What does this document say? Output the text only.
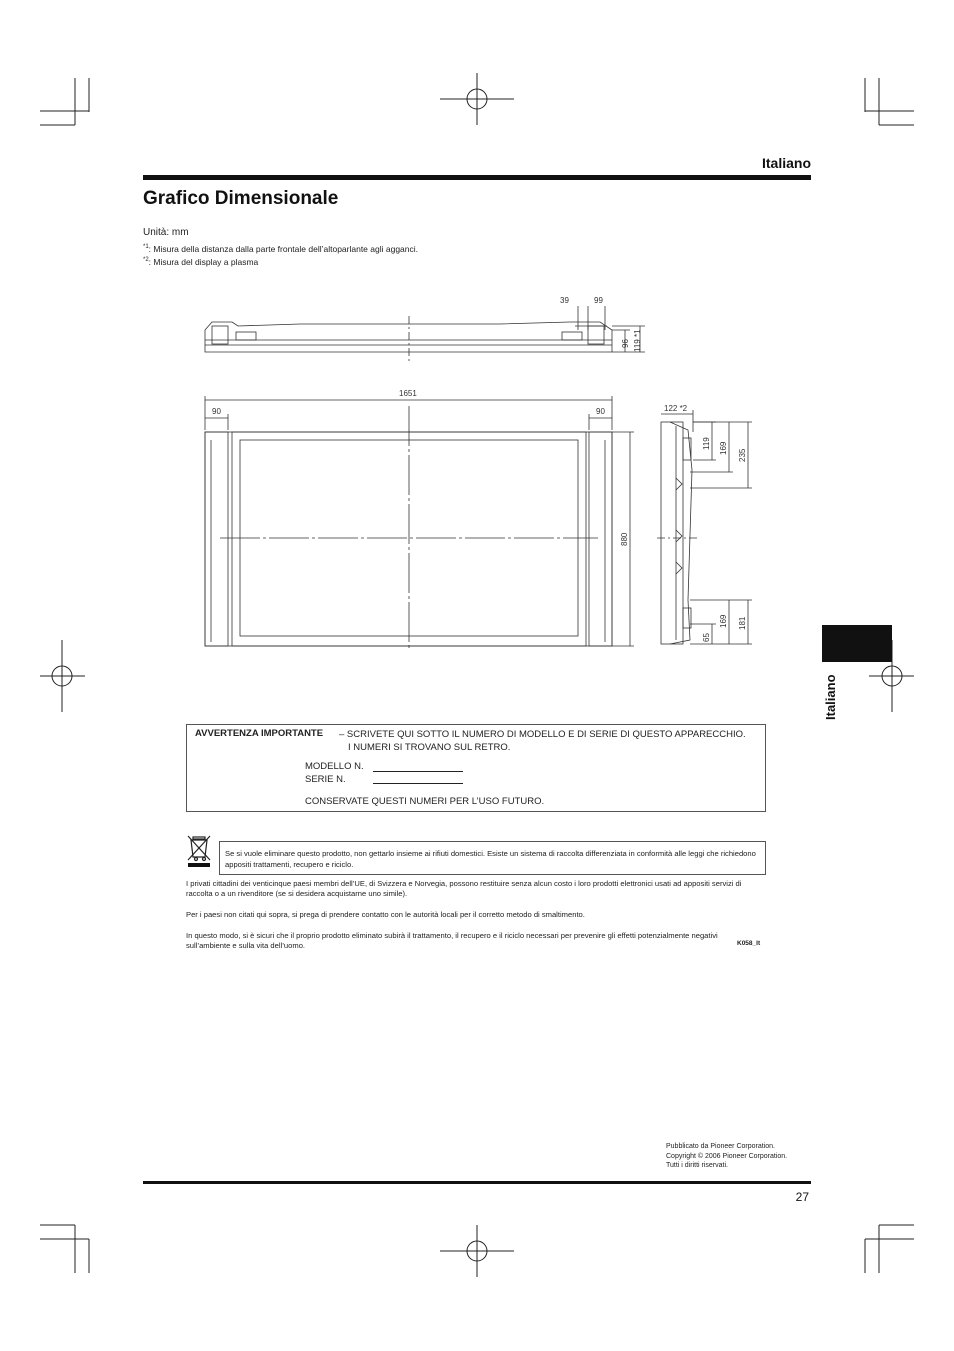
Italiano
Grafico Dimensionale
Unità: mm
$^{*1}$: Misura della distanza dalla parte frontale dell’altoparlante agli agganci.
$^{*2}$: Misura del display a plasma
Italiano
39	99
96 119 *1
1651
90	90
880
122 *2
119 169
235
65
169 181
AVVERTENZA IMPORTANTE – SCRIVETE QUI SOTTO IL NUMERO DI MODELLO E DI SERIE DI QUESTO APPARECCHIO.
I NUMERI SI TROVANO SUL RETRO.
MODELLO N.
SERIE N.
CONSERVATE QUESTI NUMERI PER L’USO FUTURO.
Se si vuole eliminare questo prodotto, non gettarlo insieme ai rifiuti domestici. Esiste un sistema di raccolta differenziata in conformità alle leggi che richiedono appositi trattamenti, recupero e riciclo.
I privati cittadini dei venticinque paesi membri dell’UE, di Svizzera e Norvegia, possono restituire senza alcun costo i loro prodotti elettronici usati ad appositi servizi di raccolta o a un rivenditore (se si desidera acquistarne uno simile).
Per i paesi non citati qui sopra, si prega di prendere contatto con le autorità locali per il corretto metodo di smaltimento.
In questo modo, si è sicuri che il proprio prodotto eliminato subirà il trattamento, il recupero e il riciclo necessari per prevenire gli effetti potenzialmente negativi sull’ambiente e sulla vita dell’uomo.	K058_It
Pubblicato da Pioneer Corporation.
Copyright © 2006 Pioneer Corporation.
Tutti i diritti riservati.
27
